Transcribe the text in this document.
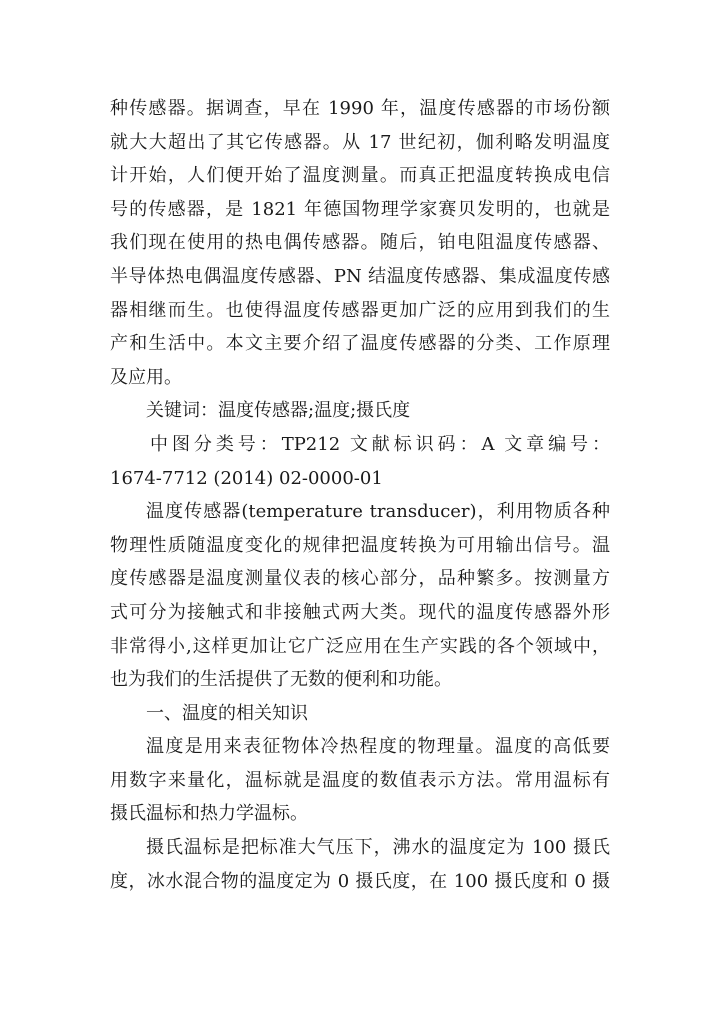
种传感器。据调查，早在 1990 年，温度传感器的市场份额
就大大超出了其它传感器。从 17 世纪初，伽利略发明温度
计开始，人们便开始了温度测量。而真正把温度转换成电信
号的传感器，是 1821 年德国物理学家赛贝发明的，也就是
我们现在使用的热电偶传感器。随后，铂电阻温度传感器、
半导体热电偶温度传感器、PN 结温度传感器、集成温度传感
器相继而生。也使得温度传感器更加广泛的应用到我们的生
产和生活中。本文主要介绍了温度传感器的分类、工作原理
及应用。
关键词：温度传感器;温度;摄氏度
中图分类号：TP212 文献标识码：A 文章编号：
1674-7712 (2014) 02-0000-01
温度传感器(temperature transducer)，利用物质各种
物理性质随温度变化的规律把温度转换为可用输出信号。温
度传感器是温度测量仪表的核心部分，品种繁多。按测量方
式可分为接触式和非接触式两大类。现代的温度传感器外形
非常得小,这样更加让它广泛应用在生产实践的各个领域中，
也为我们的生活提供了无数的便利和功能。
一、温度的相关知识
温度是用来表征物体冷热程度的物理量。温度的高低要
用数字来量化，温标就是温度的数值表示方法。常用温标有
摄氏温标和热力学温标。
摄氏温标是把标准大气压下，沸水的温度定为 100 摄氏
度，冰水混合物的温度定为 0 摄氏度，在 100 摄氏度和 0 摄
